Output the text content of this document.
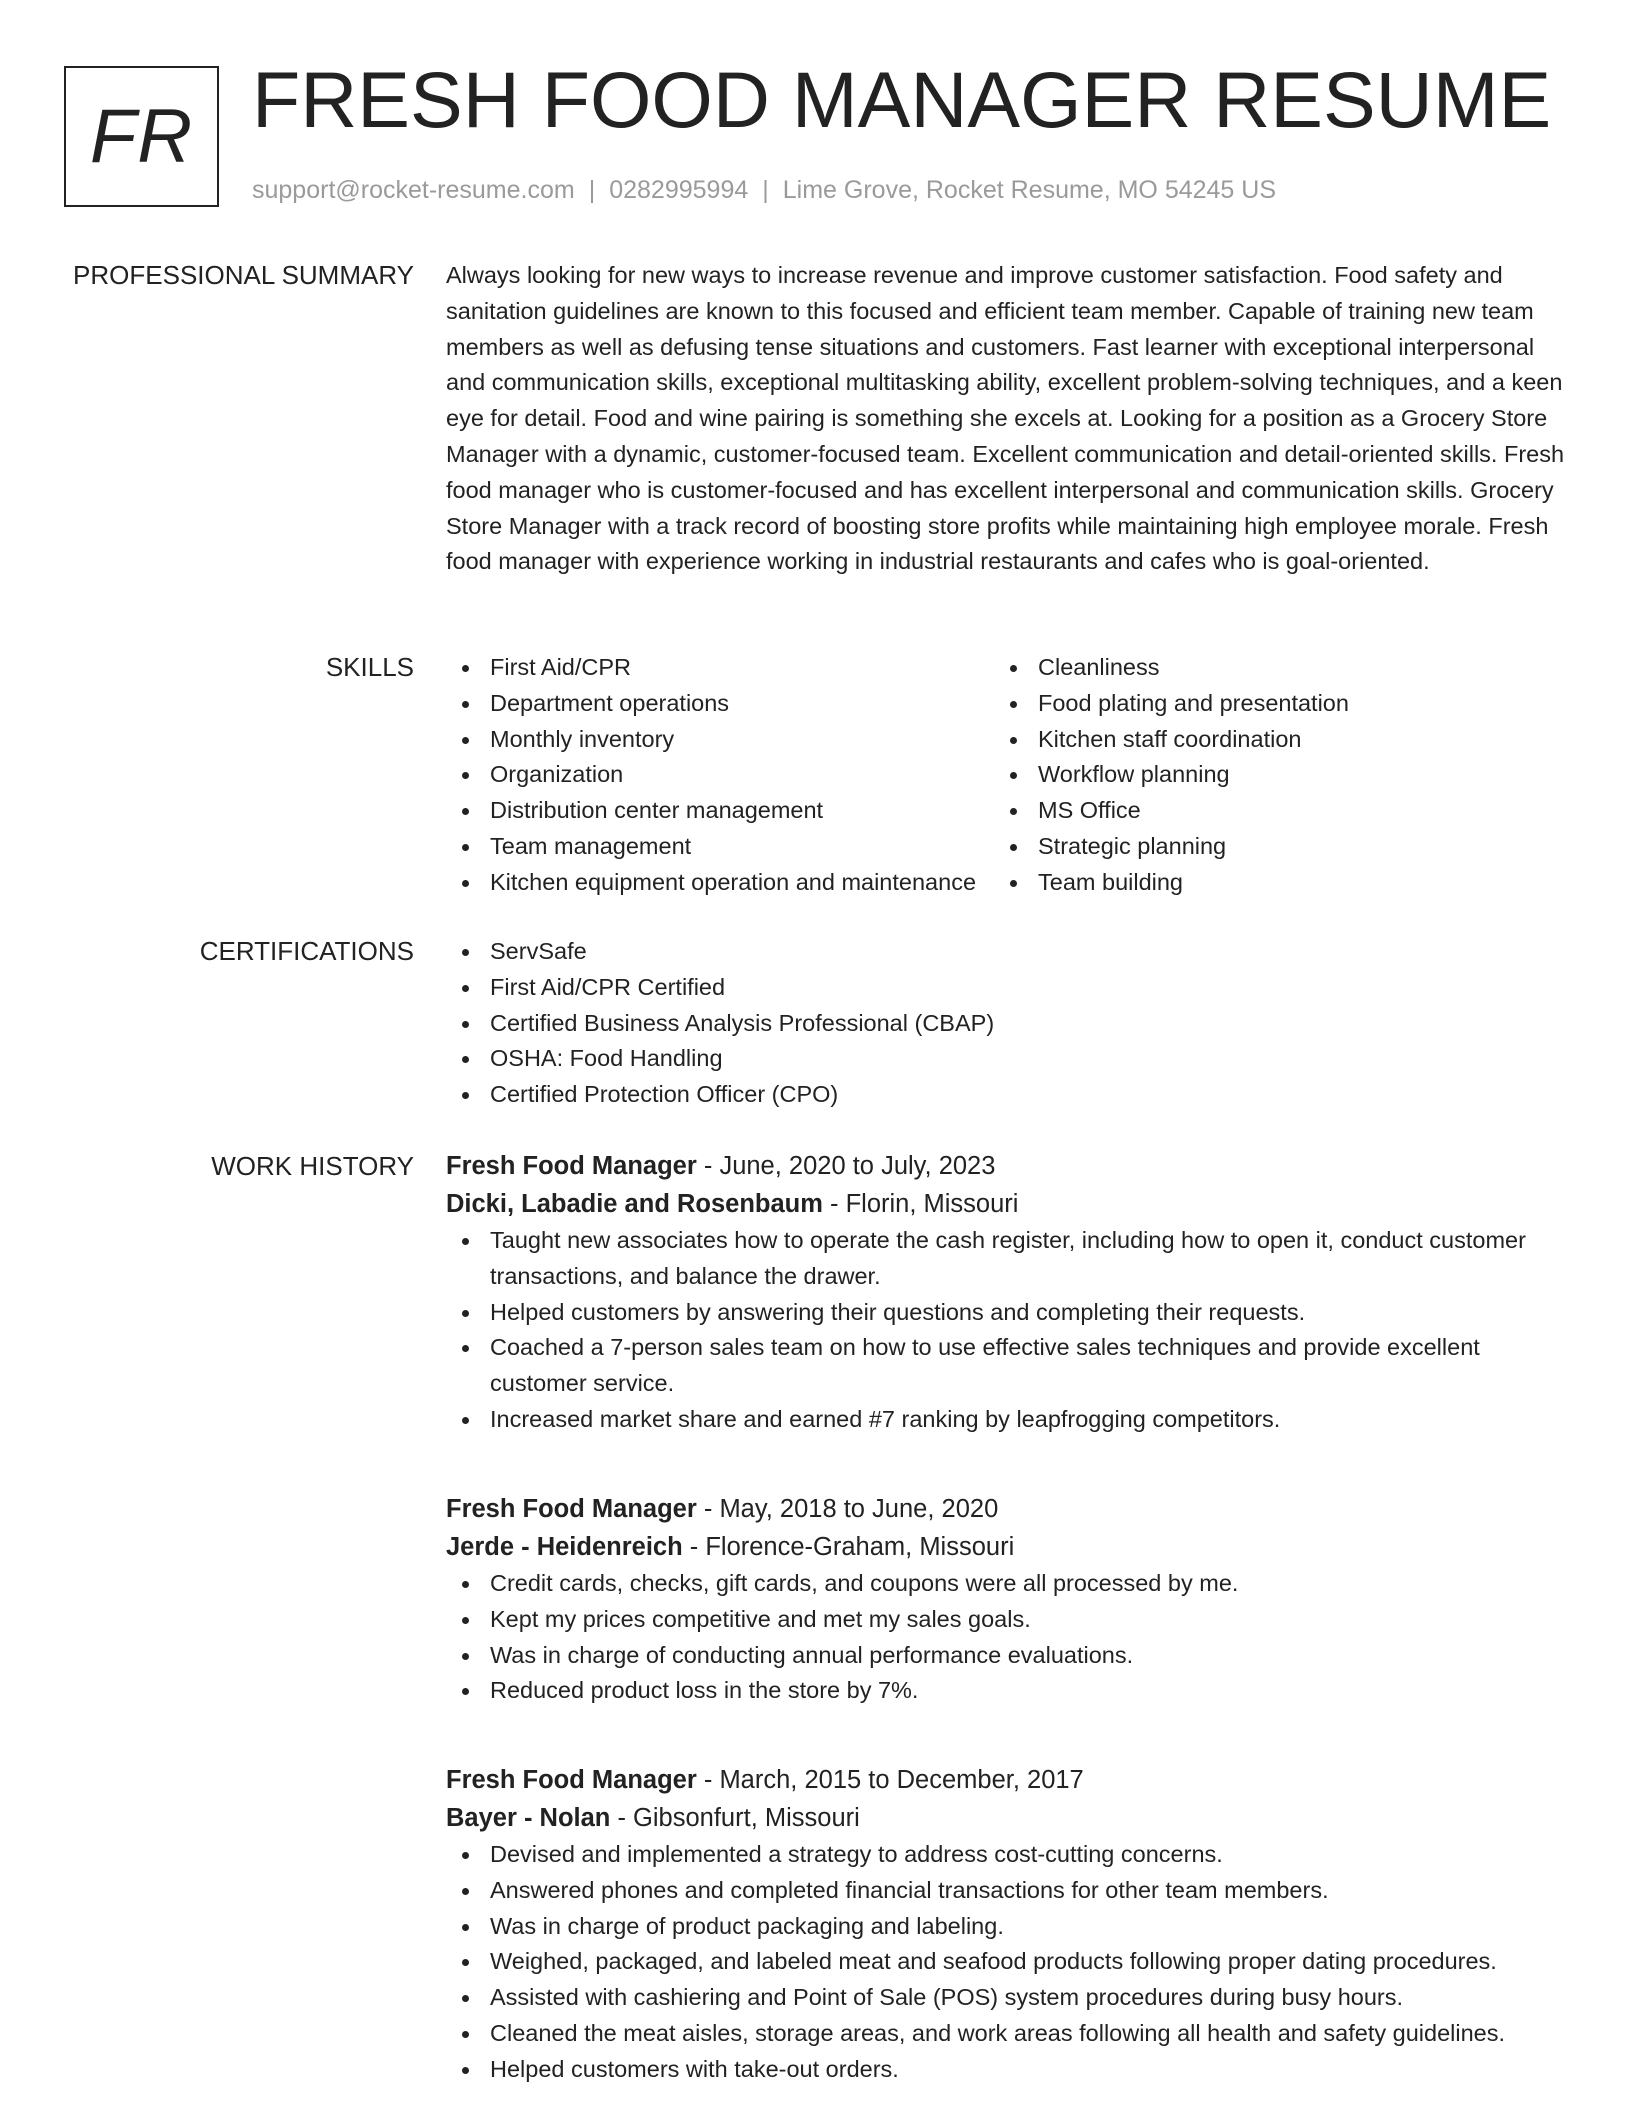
FR FRESH FOOD MANAGER RESUME
support@rocket-resume.com | 0282995994 | Lime Grove, Rocket Resume, MO 54245 US
PROFESSIONAL SUMMARY Always looking for new ways to increase revenue and improve customer satisfaction. Food safety and sanitation guidelines are known to this focused and efficient team member. Capable of training new team members as well as defusing tense situations and customers. Fast learner with exceptional interpersonal and communication skills, exceptional multitasking ability, excellent problem-solving techniques, and a keen eye for detail. Food and wine pairing is something she excels at. Looking for a position as a Grocery Store Manager with a dynamic, customer-focused team. Excellent communication and detail-oriented skills. Fresh food manager who is customer-focused and has excellent interpersonal and communication skills. Grocery Store Manager with a track record of boosting store profits while maintaining high employee morale. Fresh food manager with experience working in industrial restaurants and cafes who is goal-oriented.

SKILLS	First Aid/CPR
Department operations
Monthly inventory
Organization
Distribution center management
Team management
Kitchen equipment operation and maintenance
Cleanliness
Food plating and presentation
Kitchen staff coordination
Workflow planning
MS Office
Strategic planning
Team building
CERTIFICATIONS	ServSafe
First Aid/CPR Certified
Certified Business Analysis Professional (CBAP)
OSHA: Food Handling
Certified Protection Officer (CPO)
WORK HISTORY Fresh Food Manager - June, 2020 to July, 2023
Dicki, Labadie and Rosenbaum - Florin, Missouri
Taught new associates how to operate the cash register, including how to open it, conduct customer transactions, and balance the drawer.
Helped customers by answering their questions and completing their requests.
Coached a 7-person sales team on how to use effective sales techniques and provide excellent customer service.
Increased market share and earned #7 ranking by leapfrogging competitors.
Fresh Food Manager - May, 2018 to June, 2020
Jerde - Heidenreich - Florence-Graham, Missouri
Credit cards, checks, gift cards, and coupons were all processed by me.
Kept my prices competitive and met my sales goals.
Was in charge of conducting annual performance evaluations.
Reduced product loss in the store by 7%.
Fresh Food Manager - March, 2015 to December, 2017
Bayer - Nolan - Gibsonfurt, Missouri
Devised and implemented a strategy to address cost-cutting concerns.
Answered phones and completed financial transactions for other team members.
Was in charge of product packaging and labeling.
Weighed, packaged, and labeled meat and seafood products following proper dating procedures.
Assisted with cashiering and Point of Sale (POS) system procedures during busy hours.
Cleaned the meat aisles, storage areas, and work areas following all health and safety guidelines.
Helped customers with take-out orders.
